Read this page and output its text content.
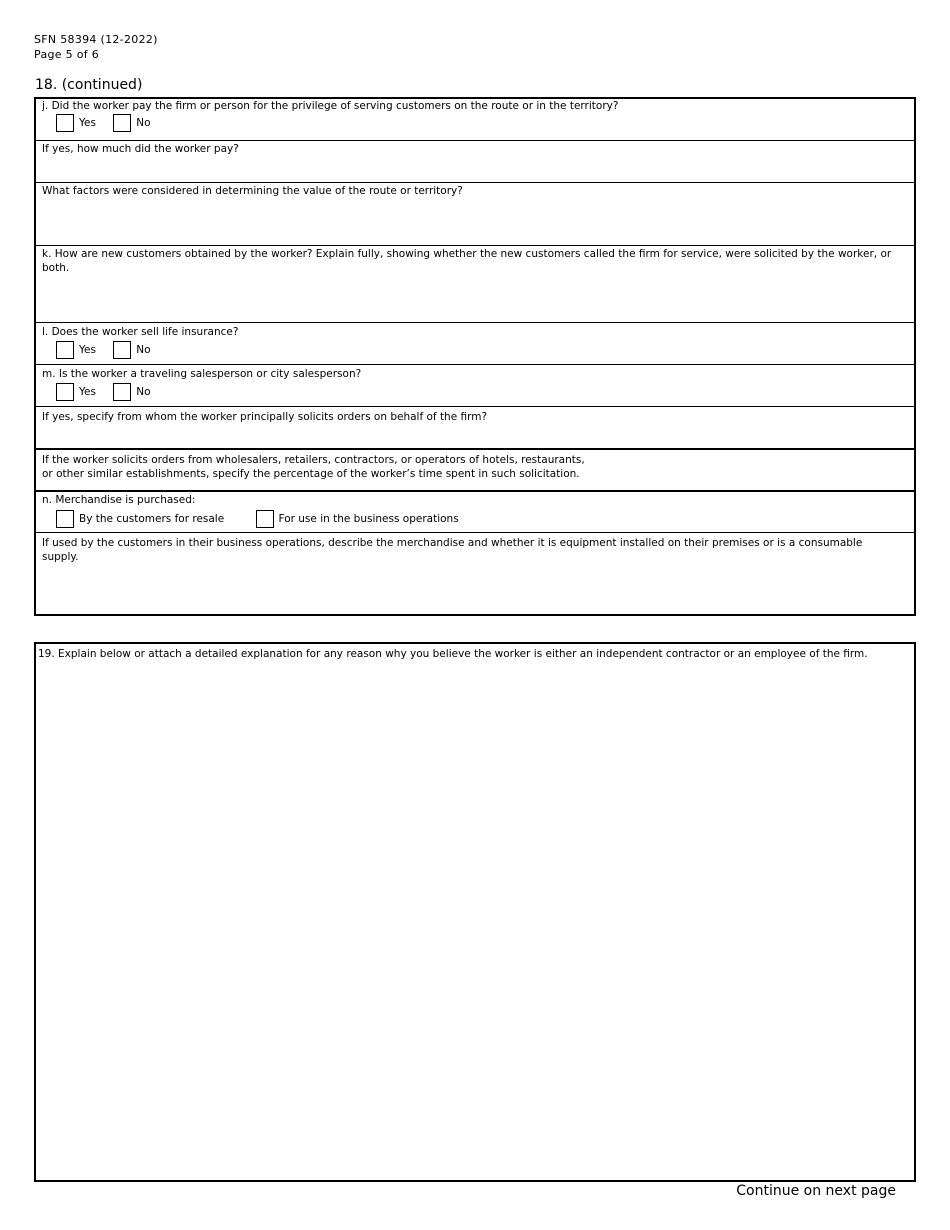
SFN 58394 (12-2022)
Page 5 of 6
18. (continued)
j. Did the worker pay the firm or person for the privilege of serving customers on the route or in the territory?
Yes	No
If yes, how much did the worker pay?
What factors were considered in determining the value of the route or territory?
k. How are new customers obtained by the worker? Explain fully, showing whether the new customers called the firm for service, were solicited by the worker, or both.
l. Does the worker sell life insurance?
Yes	No
m. Is the worker a traveling salesperson or city salesperson?
Yes	No
If yes, specify from whom the worker principally solicits orders on behalf of the firm?
If the worker solicits orders from wholesalers, retailers, contractors, or operators of hotels, restaurants,
or other similar establishments, specify the percentage of the worker’s time spent in such solicitation.
n. Merchandise is purchased:
By the customers for resale	For use in the business operations
If used by the customers in their business operations, describe the merchandise and whether it is equipment installed on their premises or is a consumable supply.
19. Explain below or attach a detailed explanation for any reason why you believe the worker is either an independent contractor or an employee of the firm.
Continue on next page
